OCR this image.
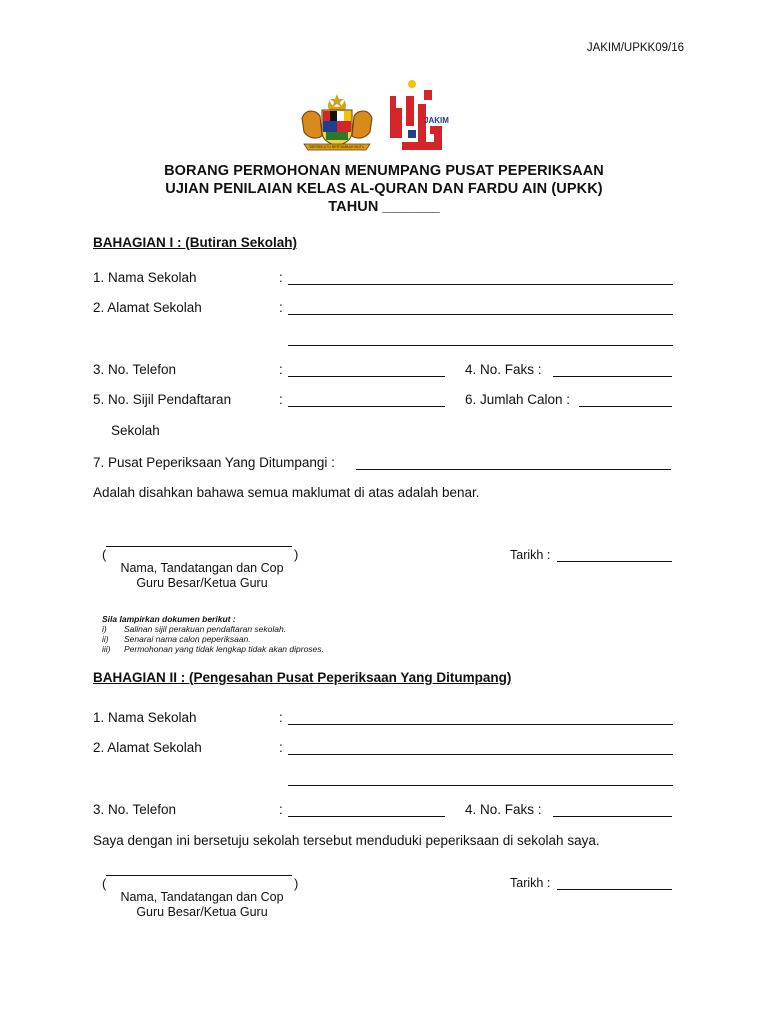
JAKIM/UPKK09/16
BERSEKUTU BERTAMBAH MUTU
JAKIM
BORANG PERMOHONAN MENUMPANG PUSAT PEPERIKSAAN
UJIAN PENILAIAN KELAS AL-QURAN DAN FARDU AIN (UPKK)
TAHUN _______
BAHAGIAN I : (Butiran Sekolah)
1. Nama Sekolah	:
2. Alamat Sekolah	:
3. No. Telefon	:	4. No. Faks :
5. No. Sijil Pendaftaran	:	6. Jumlah Calon :
Sekolah
7. Pusat Peperiksaan Yang Ditumpangi :
Adalah disahkan bahawa semua maklumat di atas adalah benar.
(	)
Nama, Tandatangan dan Cop
Guru Besar/Ketua Guru
Tarikh :
Sila lampirkan dokumen berikut :
i) Salinan sijil perakuan pendaftaran sekolah.
ii) Senarai nama calon peperiksaan.
iii) Permohonan yang tidak lengkap tidak akan diproses.
BAHAGIAN II : (Pengesahan Pusat Peperiksaan Yang Ditumpang)
1. Nama Sekolah	:
2. Alamat Sekolah	:
3. No. Telefon	:	4. No. Faks :
Saya dengan ini bersetuju sekolah tersebut menduduki peperiksaan di sekolah saya.
(	)
Nama, Tandatangan dan Cop
Guru Besar/Ketua Guru
Tarikh :
